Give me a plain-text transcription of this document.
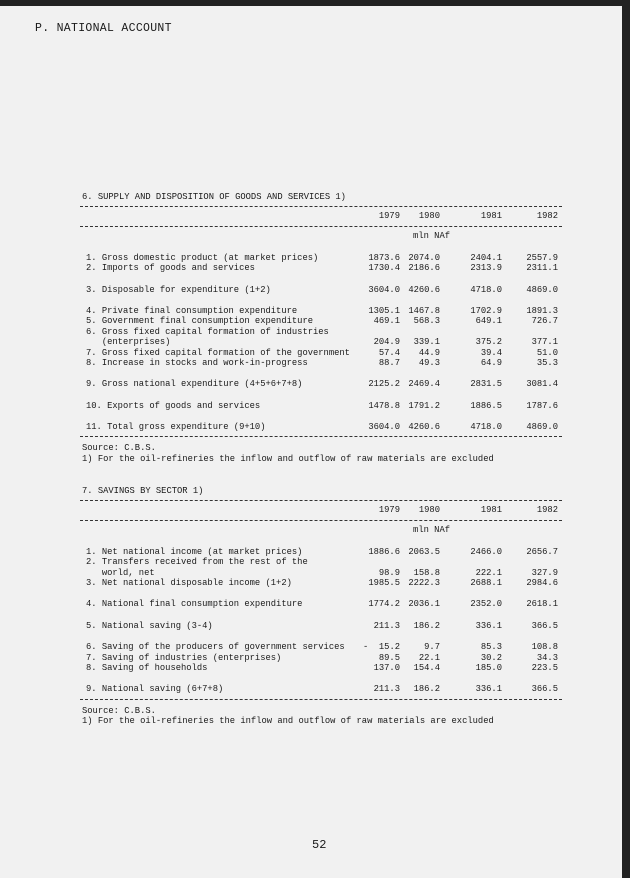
P. NATIONAL ACCOUNT
6. SUPPLY AND DISPOSITION OF GOODS AND SERVICES 1)
1979	1980	1981	1982
mln NAf
1. Gross domestic product (at market prices)	1873.6 2074.0	2404.1	2557.9
2. Imports of goods and services	1730.4 2186.6	2313.9	2311.1
3. Disposable for expenditure (1+2)	3604.0 4260.6	4718.0	4869.0
4. Private final consumption expenditure	1305.1 1467.8	1702.9	1891.3
5. Government final consumption expenditure	469.1	568.3	649.1	726.7
6. Gross fixed capital formation of industries
(enterprises)	204.9	339.1	375.2	377.1
7. Gross fixed capital formation of the government	57.4	44.9	39.4	51.0
8. Increase in stocks and work-in-progress	88.7	49.3	64.9	35.3
9. Gross national expenditure (4+5+6+7+8)	2125.2 2469.4	2831.5	3081.4
10. Exports of goods and services	1478.8 1791.2	1886.5	1787.6
11. Total gross expenditure (9+10)	3604.0 4260.6	4718.0	4869.0
Source: C.B.S.
1) For the oil-refineries the inflow and outflow of raw materials are excluded
7. SAVINGS BY SECTOR 1)
1979	1980	1981	1982
mln NAf
1. Net national income (at market prices)	1886.6 2063.5	2466.0	2656.7
2. Transfers received from the rest of the
world, net	98.9	158.8	222.1	327.9
3. Net national disposable income (1+2)	1985.5 2222.3	2688.1	2984.6
4. National final consumption expenditure	1774.2 2036.1	2352.0	2618.1
5. National saving (3-4)	211.3	186.2	336.1	366.5
6. Saving of the producers of government services	-  15.2	9.7	85.3	108.8
7. Saving of industries (enterprises)	89.5	22.1	30.2	34.3
8. Saving of households	137.0	154.4	185.0	223.5
9. National saving (6+7+8)	211.3	186.2	336.1	366.5
Source: C.B.S.
1) For the oil-refineries the inflow and outflow of raw materials are excluded
52
